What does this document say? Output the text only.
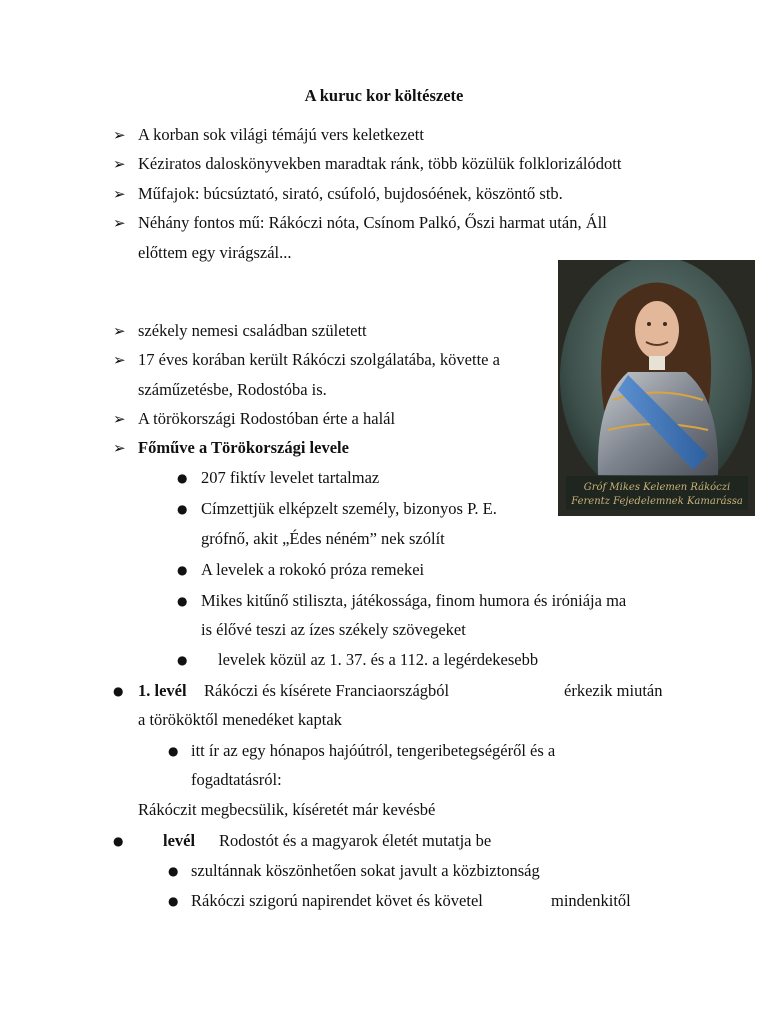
A kuruc kor költészete
➢ A korban sok világi témájú vers keletkezett
➢ Kéziratos daloskönyvekben maradtak ránk, több közülük folklorizálódott
➢ Műfajok: búcsúztató, sirató, csúfoló, bujdosóének, köszöntő stb.
➢ Néhány fontos mű: Rákóczi nóta, Csínom Palkó, Őszi harmat után, Áll
előttem egy virágszál...
Gróf Mikes Kelemen Rákóczi
Ferentz Fejedelemnek Kamarássa
➢ székely nemesi családban született
➢ 17 éves korában került Rákóczi szolgálatába, követte a
száműzetésbe, Rodostóba is.
➢ A törökországi Rodostóban érte a halál
➢ Főműve a Törökországi levele
● 207 fiktív levelet tartalmaz
● Címzettjük elképzelt személy, bizonyos P. E.
grófnő, akit „Édes néném” nek szólít
● A levelek a rokokó próza remekei
● Mikes kitűnő stiliszta, játékossága, finom humora és iróniája ma
is élővé teszi az ízes székely szövegeket
● levelek közül az 1. 37. és a 112. a legérdekesebb
● 1. levél Rákóczi és kísérete Franciaországból	érkezik miután
a törököktől menedéket kaptak
● itt ír az egy hónapos hajóútról, tengeribetegségéről és a
fogadtatásról:
Rákóczit megbecsülik, kíséretét már kevésbé
● levél Rodostót és a magyarok életét mutatja be
● szultánnak köszönhetően sokat javult a közbiztonság
● Rákóczi szigorú napirendet követ és követel	mindenkitől
